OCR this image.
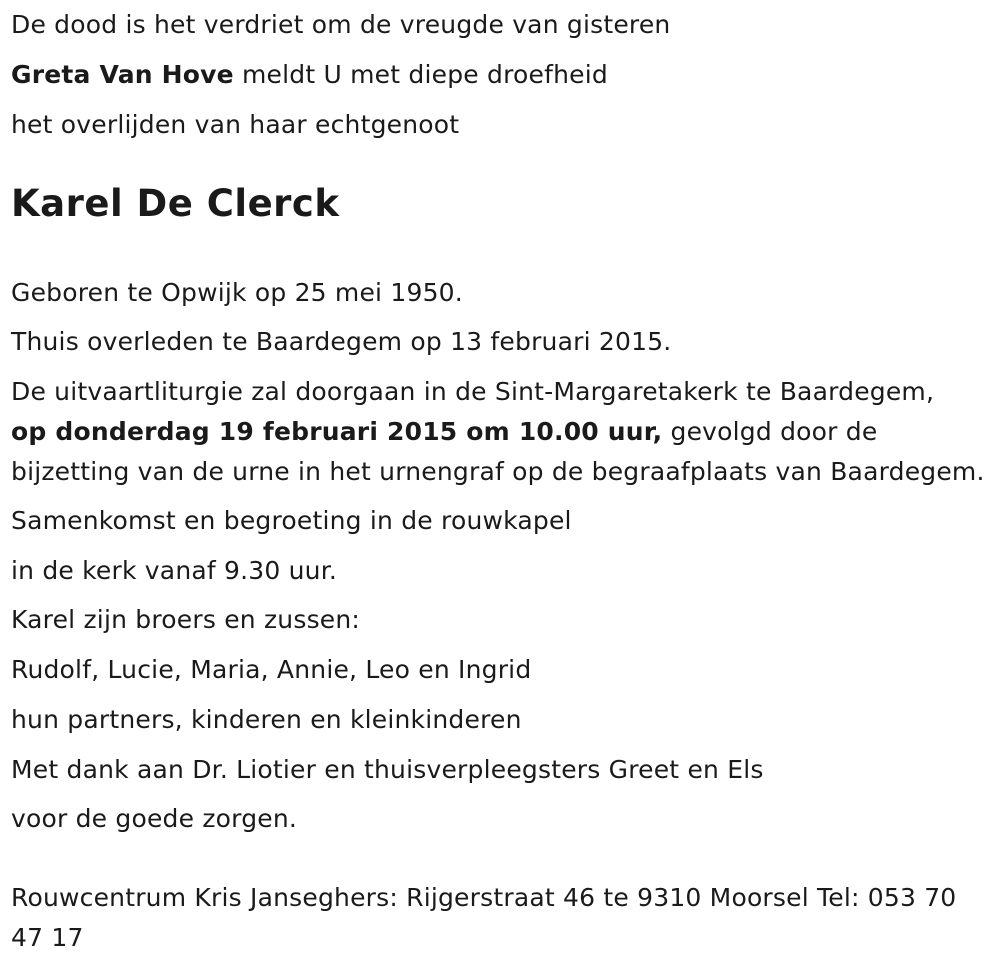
De dood is het verdriet om de vreugde van gisteren
Greta Van Hove meldt U met diepe droefheid
het overlijden van haar echtgenoot
Karel De Clerck
Geboren te Opwijk op 25 mei 1950.
Thuis overleden te Baardegem op 13 februari 2015.
De uitvaartliturgie zal doorgaan in de Sint-Margaretakerk te Baardegem,
op donderdag 19 februari 2015 om 10.00 uur, gevolgd door de bijzetting van de urne in het urnengraf op de begraafplaats van Baardegem.
Samenkomst en begroeting in de rouwkapel
in de kerk vanaf 9.30 uur.
Karel zijn broers en zussen:
Rudolf, Lucie, Maria, Annie, Leo en Ingrid
hun partners, kinderen en kleinkinderen
Met dank aan Dr. Liotier en thuisverpleegsters Greet en Els
voor de goede zorgen.
Rouwcentrum Kris Janseghers: Rijgerstraat 46 te 9310 Moorsel Tel: 053 70 47 17
